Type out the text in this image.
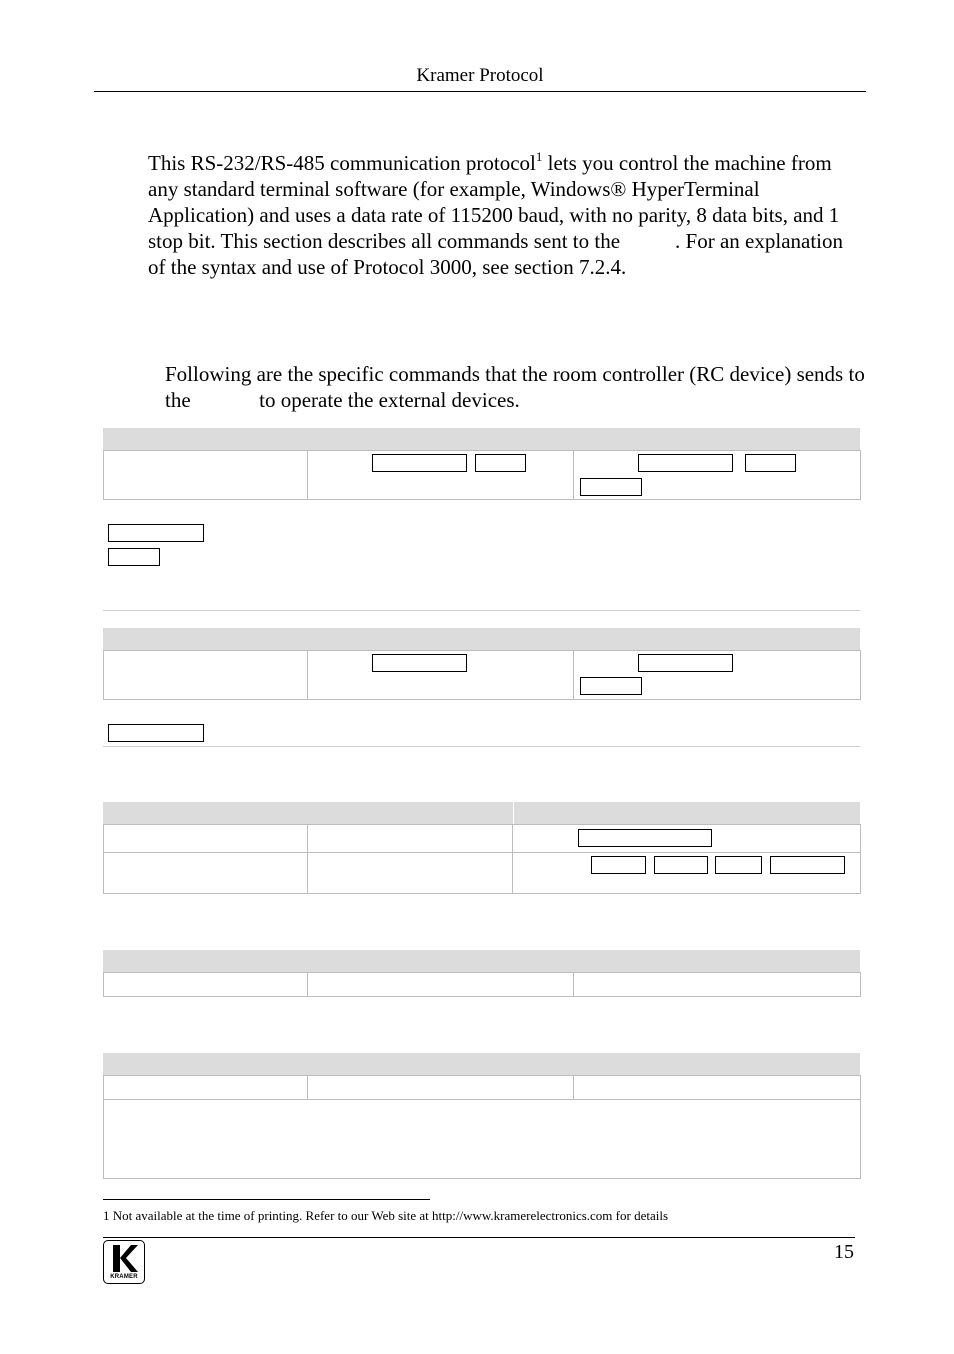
Kramer Protocol
This RS-232/RS-485 communication protocol$^1$ lets you control the machine from any standard terminal software (for example, Windows® HyperTerminal Application) and uses a data rate of 115200 baud, with no parity, 8 data bits, and 1 stop bit. This section describes all commands sent to the	. For an explanation of the syntax and use of Protocol 3000, see section 7.2.4.
Following are the specific commands that the room controller (RC device) sends to the	to operate the external devices.
1 Not available at the time of printing. Refer to our Web site at http://www.kramerelectronics.com for details
KRAMER
15
